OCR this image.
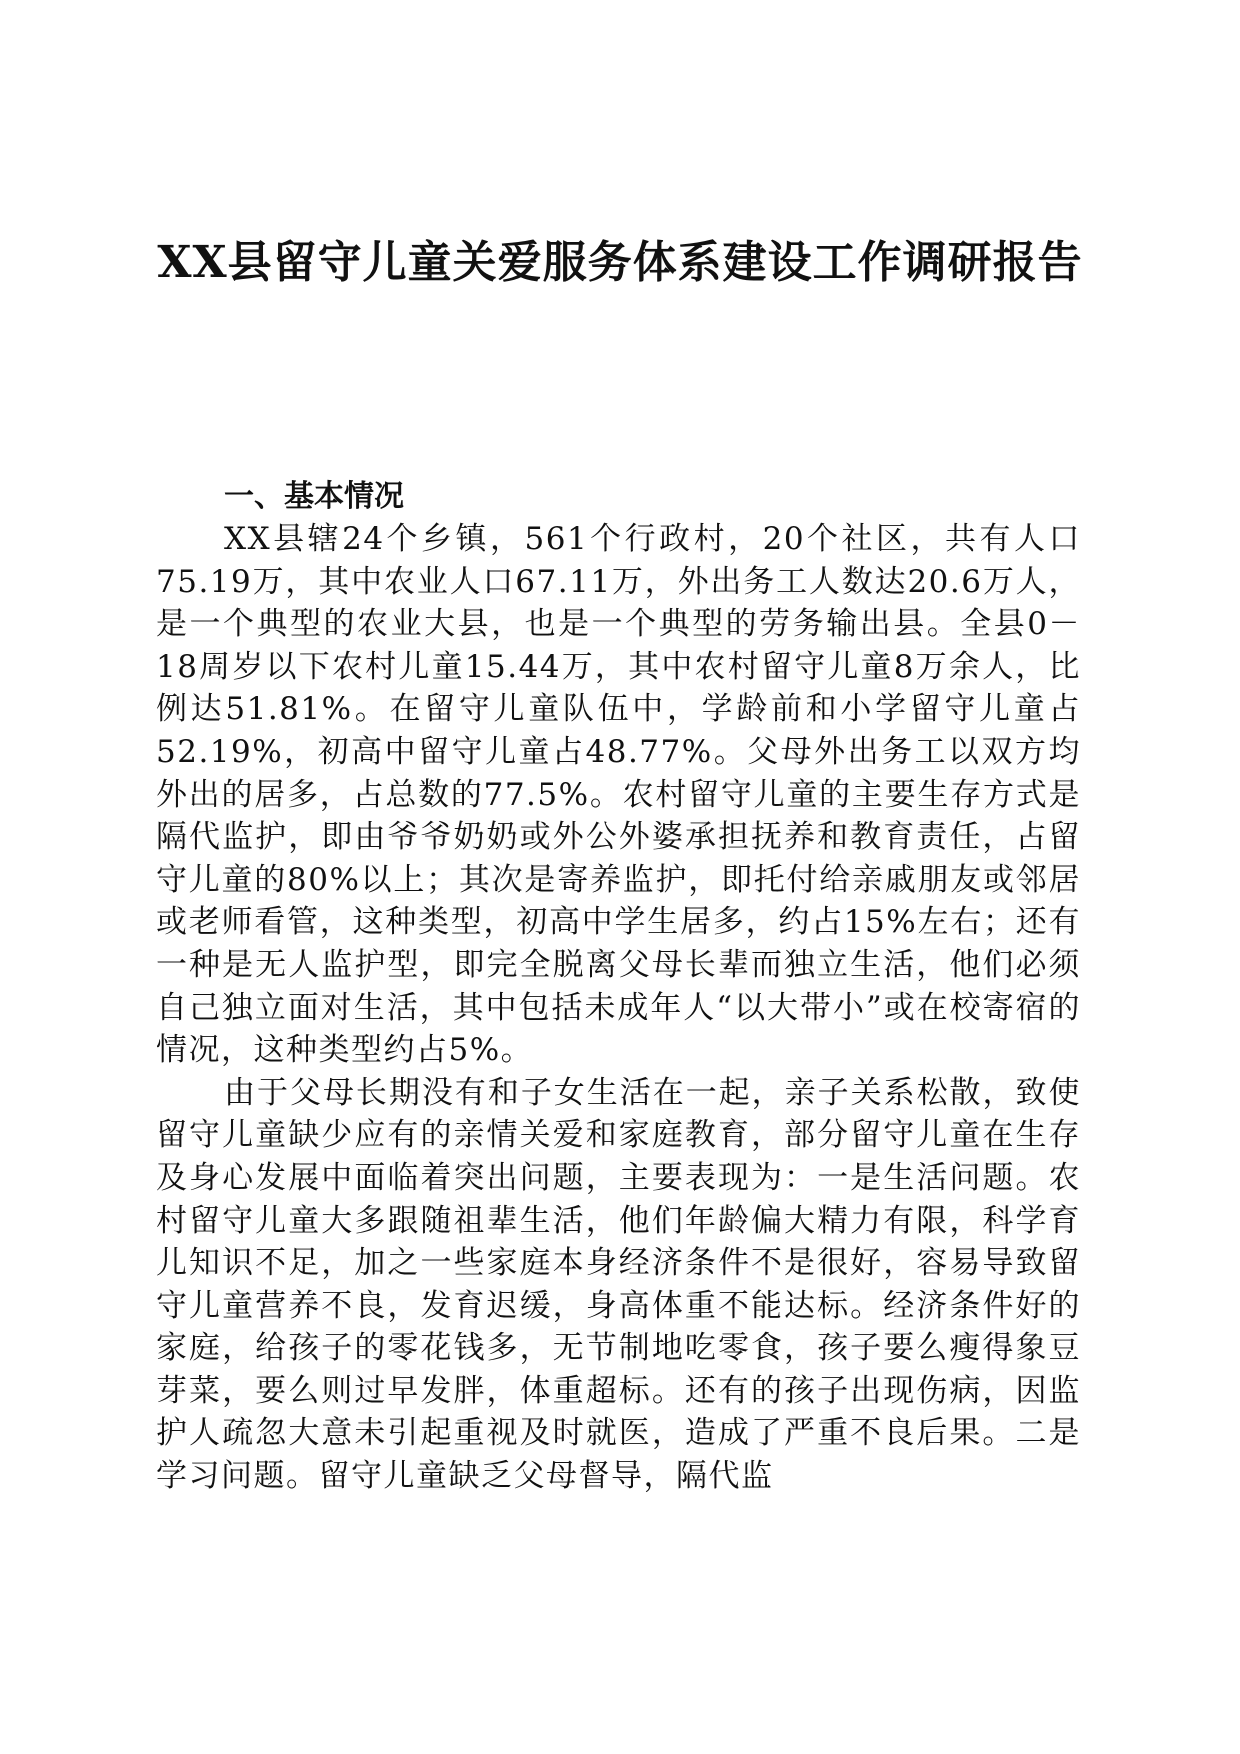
XX县留守儿童关爱服务体系建设工作调研报告
一、基本情况

XX县辖24个乡镇，561个行政村，20个社区，共有人口75.19万，其中农业人口67.11万，外出务工人数达20.6万人，是一个典型的农业大县，也是一个典型的劳务输出县。全县0－18周岁以下农村儿童15.44万，其中农村留守儿童8万余人，比例达51.81%。在留守儿童队伍中，学龄前和小学留守儿童占52.19%，初高中留守儿童占48.77%。父母外出务工以双方均外出的居多，占总数的77.5%。农村留守儿童的主要生存方式是隔代监护，即由爷爷奶奶或外公外婆承担抚养和教育责任，占留守儿童的80%以上；其次是寄养监护，即托付给亲戚朋友或邻居或老师看管，这种类型，初高中学生居多，约占15%左右；还有一种是无人监护型，即完全脱离父母长辈而独立生活，他们必须自己独立面对生活，其中包括未成年人“以大带小”或在校寄宿的情况，这种类型约占5%。

由于父母长期没有和子女生活在一起，亲子关系松散，致使留守儿童缺少应有的亲情关爱和家庭教育，部分留守儿童在生存及身心发展中面临着突出问题，主要表现为：一是生活问题。农村留守儿童大多跟随祖辈生活，他们年龄偏大精力有限，科学育儿知识不足，加之一些家庭本身经济条件不是很好，容易导致留守儿童营养不良，发育迟缓，身高体重不能达标。经济条件好的家庭，给孩子的零花钱多，无节制地吃零食，孩子要么瘦得象豆芽菜，要么则过早发胖，体重超标。还有的孩子出现伤病，因监护人疏忽大意未引起重视及时就医，造成了严重不良后果。二是学习问题。留守儿童缺乏父母督导，隔代监
